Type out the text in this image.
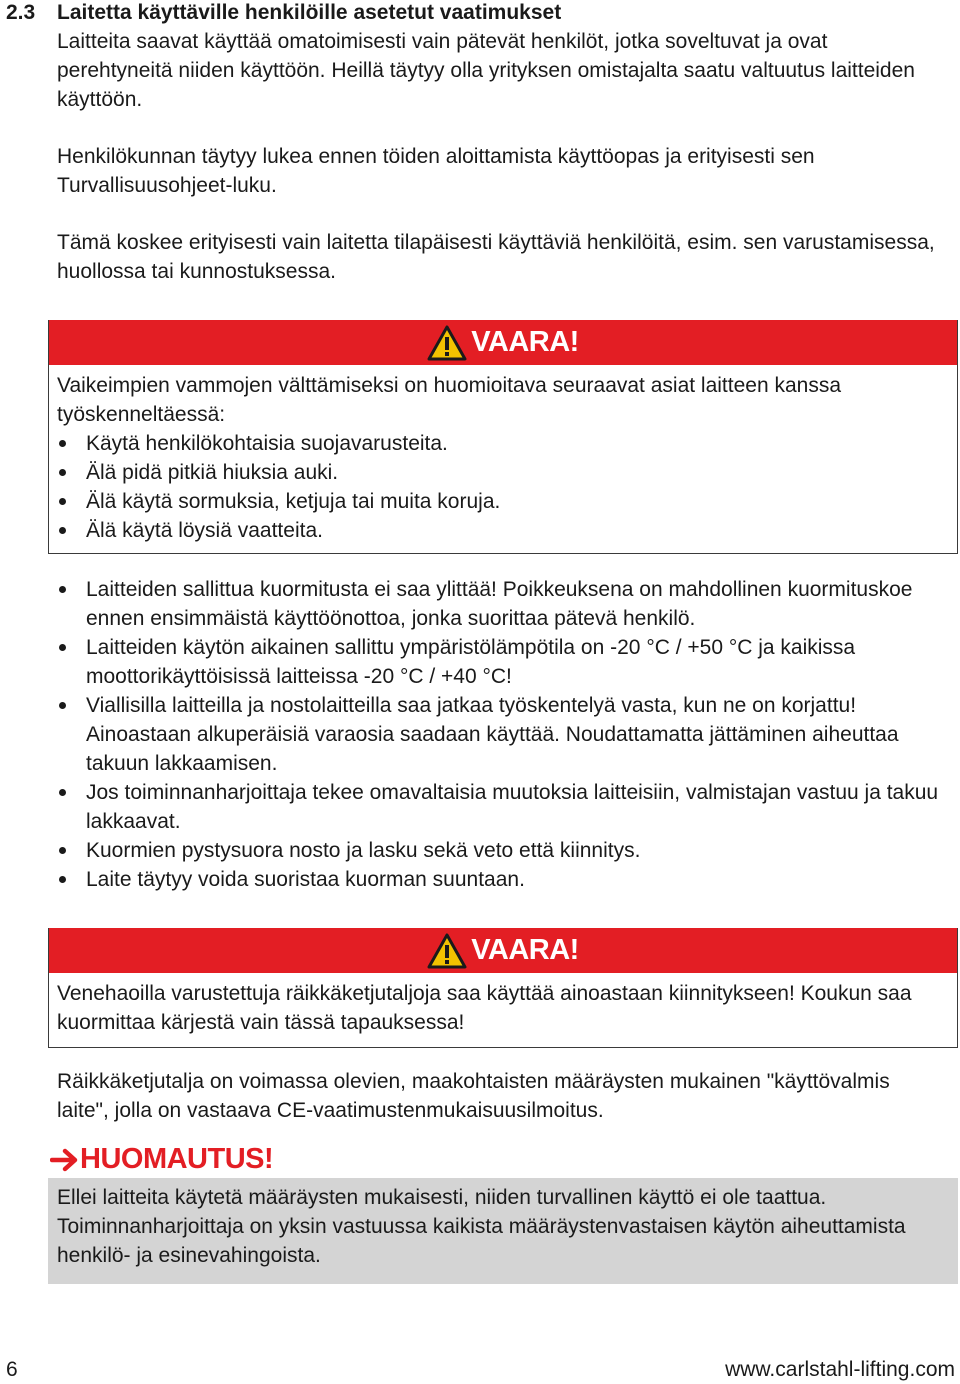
2.3 Laitetta käyttäville henkilöille asetetut vaatimukset

Laitteita saavat käyttää omatoimisesti vain pätevät henkilöt, jotka soveltuvat ja ovat perehtyneitä niiden käyttöön. Heillä täytyy olla yrityksen omistajalta saatu valtuutus laitteiden käyttöön.

Henkilökunnan täytyy lukea ennen töiden aloittamista käyttöopas ja erityisesti sen Turvallisuusohjeet-luku.

Tämä koskee erityisesti vain laitetta tilapäisesti käyttäviä henkilöitä, esim. sen varustamisessa, huollossa tai kunnostuksessa.

VAARA!

Vaikeimpien vammojen välttämiseksi on huomioitava seuraavat asiat laitteen kanssa työskenneltäessä:

Käytä henkilökohtaisia suojavarusteita.
Älä pidä pitkiä hiuksia auki.
Älä käytä sormuksia, ketjuja tai muita koruja.
Älä käytä löysiä vaatteita.
Laitteiden sallittua kuormitusta ei saa ylittää! Poikkeuksena on mahdollinen kuormituskoe ennen ensimmäistä käyttöönottoa, jonka suorittaa pätevä henkilö.
Laitteiden käytön aikainen sallittu ympäristölämpötila on -20 °C / +50 °C ja kaikissa moottorikäyttöisissä laitteissa -20 °C / +40 °C!
Viallisilla laitteilla ja nostolaitteilla saa jatkaa työskentelyä vasta, kun ne on korjattu! Ainoastaan alkuperäisiä varaosia saadaan käyttää. Noudattamatta jättäminen aiheuttaa takuun lakkaamisen.
Jos toiminnanharjoittaja tekee omavaltaisia muutoksia laitteisiin, valmistajan vastuu ja takuu lakkaavat.
Kuormien pystysuora nosto ja lasku sekä veto että kiinnitys.
Laite täytyy voida suoristaa kuorman suuntaan.
VAARA!

Venehaoilla varustettuja räikkäketjutaljoja saa käyttää ainoastaan kiinnitykseen! Koukun saa kuormittaa kärjestä vain tässä tapauksessa!

Räikkäketjutalja on voimassa olevien, maakohtaisten määräysten mukainen "käyttövalmis laite", jolla on vastaava CE-vaatimustenmukaisuusilmoitus.

HUOMAUTUS!

Ellei laitteita käytetä määräysten mukaisesti, niiden turvallinen käyttö ei ole taattua. Toiminnanharjoittaja on yksin vastuussa kaikista määräystenvastaisen käytön aiheuttamista henkilö- ja esinevahingoista.

6	www.carlstahl-lifting.com
